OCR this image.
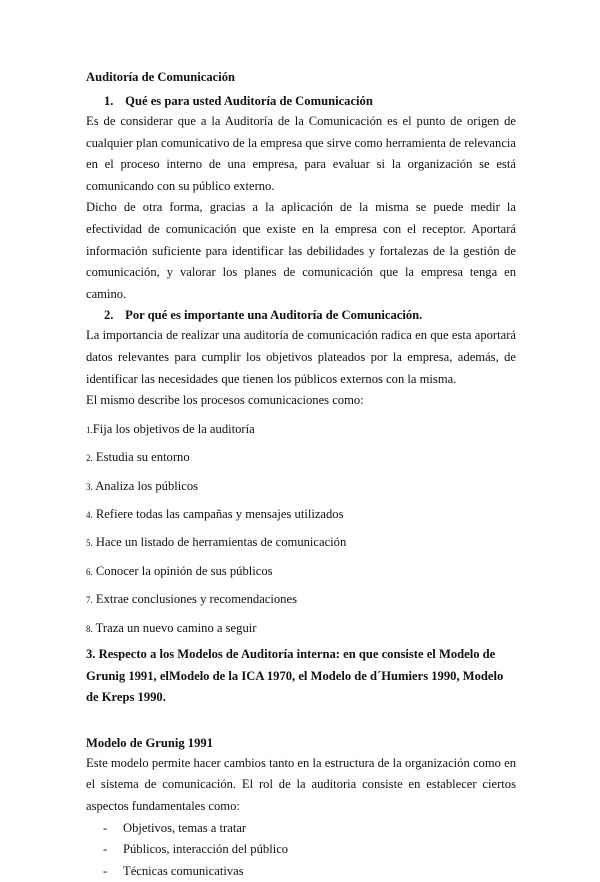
Auditoría de Comunicación
1. Qué es para usted Auditoría de Comunicación

Es de considerar que a la Auditoría de la Comunicación es el punto de origen de cualquier plan comunicativo de la empresa que sirve como herramienta de relevancia en el proceso interno de una empresa, para evaluar si la organización se está comunicando con su público externo.

Dicho de otra forma, gracias a la aplicación de la misma se puede medir la efectividad de comunicación que existe en la empresa con el receptor. Aportará información suficiente para identificar las debilidades y fortalezas de la gestión de comunicación, y valorar los planes de comunicación que la empresa tenga en camino.

2. Por qué es importante una Auditoría de Comunicación.

La importancia de realizar una auditoría de comunicación radica en que esta aportará datos relevantes para cumplir los objetivos plateados por la empresa, además, de identificar las necesidades que tienen los públicos externos con la misma.

El mismo describe los procesos comunicaciones como:

1.Fija los objetivos de la auditoría
2. Estudia su entorno
3. Analiza los públicos
4. Refiere todas las campañas y mensajes utilizados
5. Hace un listado de herramientas de comunicación
6. Conocer la opinión de sus públicos
7. Extrae conclusiones y recomendaciones
8. Traza un nuevo camino a seguir
3. Respecto a los Modelos de Auditoría interna: en que consiste el Modelo de Grunig 1991, elModelo de la ICA 1970, el Modelo de d´Humiers 1990, Modelo de Kreps 1990.
Modelo de Grunig 1991

Este modelo permite hacer cambios tanto en la estructura de la organización como en el sistema de comunicación. El rol de la auditoria consiste en establecer ciertos aspectos fundamentales como:

- Objetivos, temas a tratar
- Públicos, interacción del público
- Técnicas comunicativas
